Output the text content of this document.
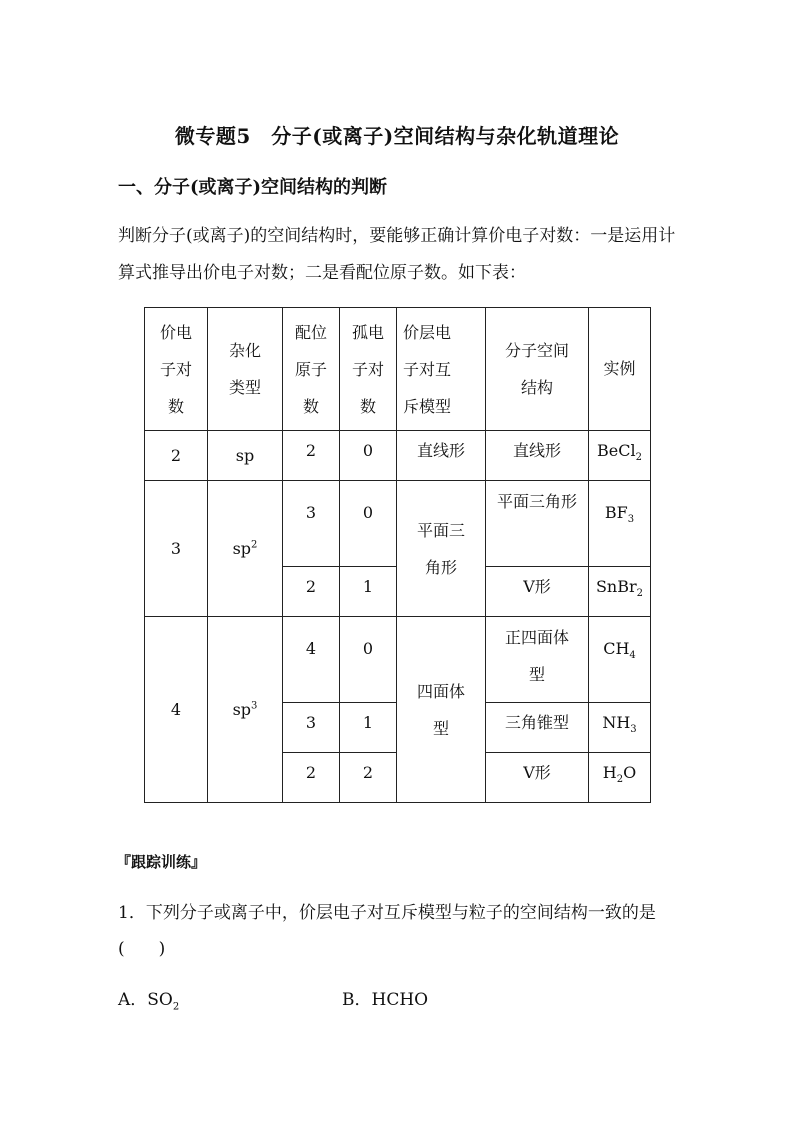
微专题5　分子(或离子)空间结构与杂化轨道理论
一、分子(或离子)空间结构的判断
判断分子(或离子)的空间结构时，要能够正确计算价电子对数：一是运用计算式推导出价电子对数；二是看配位原子数。如下表：
价电子对数	杂化类型	配位原子数	孤电子对数	价层电子对互斥模型	分子空间结构	实例
2	sp	2	0	直线形	直线形	BeCl$_2$
3	$sp^2$	3	0	平面三角形	平面三角形	$BF_3$
		2	1		V形	SnBr$_2$
4	$sp^3$	4	0	四面体型	正四面体型	$CH_4$
		3	1		三角锥型	$NH_3$
		2	2		V形	$H_2O$
『跟踪训练』
1．下列分子或离子中，价层电子对互斥模型与粒子的空间结构一致的是(　　)
A．$SO_2$	B．HCHO
